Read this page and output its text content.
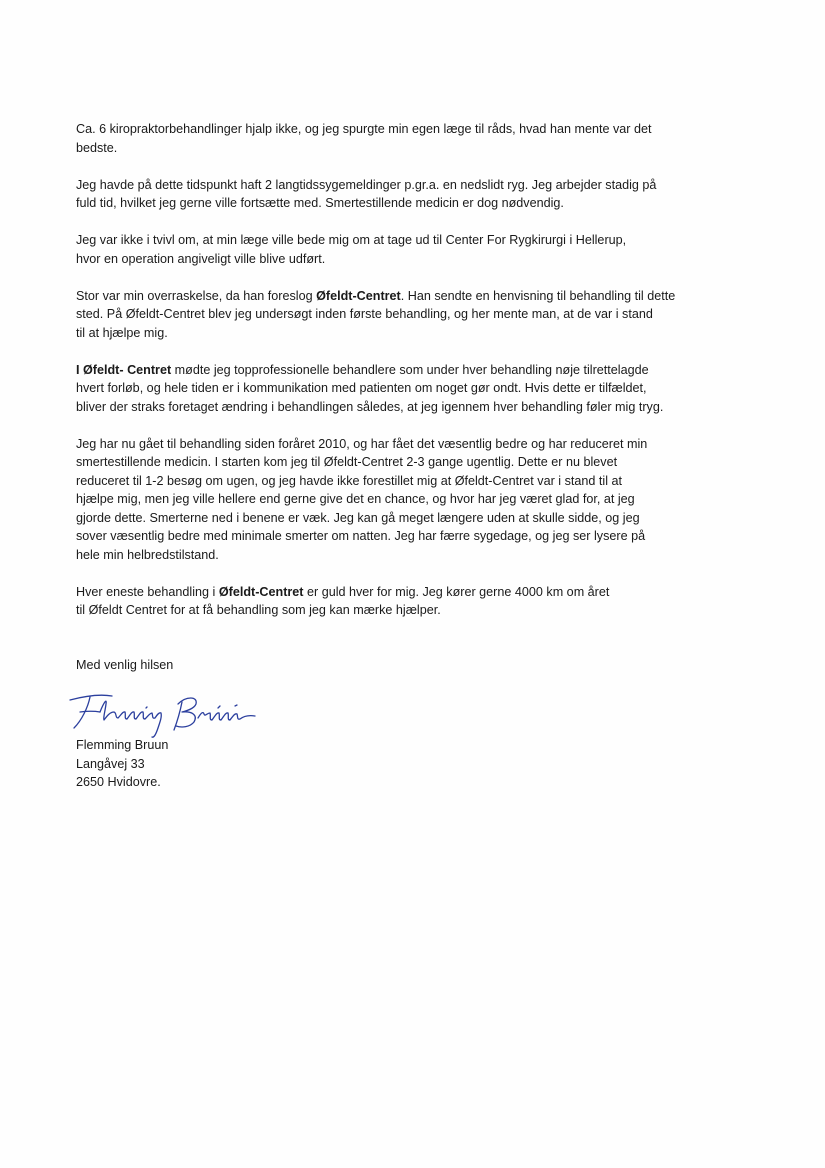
Ca. 6 kiropraktorbehandlinger hjalp ikke, og jeg spurgte min egen læge til råds, hvad han mente var det
bedste.

Jeg havde på dette tidspunkt haft 2 langtidssygemeldinger p.gr.a. en nedslidt ryg. Jeg arbejder stadig på
fuld tid, hvilket jeg gerne ville fortsætte med. Smertestillende medicin er dog nødvendig.

Jeg var ikke i tvivl om, at min læge ville bede mig om at tage ud til Center For Rygkirurgi i Hellerup,
hvor en operation angiveligt ville blive udført.

Stor var min overraskelse, da han foreslog Øfeldt-Centret. Han sendte en henvisning til behandling til dette
sted. På Øfeldt-Centret blev jeg undersøgt inden første behandling, og her mente man, at de var i stand
til at hjælpe mig.

I Øfeldt- Centret mødte jeg topprofessionelle behandlere som under hver behandling nøje tilrettelagde
hvert forløb, og hele tiden er i kommunikation med patienten om noget gør ondt. Hvis dette er tilfældet,
bliver der straks foretaget ændring i behandlingen således, at jeg igennem hver behandling føler mig tryg.

Jeg har nu gået til behandling siden foråret 2010, og har fået det væsentlig bedre og har reduceret min
smertestillende medicin. I starten kom jeg til Øfeldt-Centret 2-3 gange ugentlig. Dette er nu blevet
reduceret til 1-2 besøg om ugen, og jeg havde ikke forestillet mig at Øfeldt-Centret var i stand til at
hjælpe mig, men jeg ville hellere end gerne give det en chance, og hvor har jeg været glad for, at jeg
gjorde dette. Smerterne ned i benene er væk. Jeg kan gå meget længere uden at skulle sidde, og jeg
sover væsentlig bedre med minimale smerter om natten. Jeg har færre sygedage, og jeg ser lysere på
hele min helbredstilstand.

Hver eneste behandling i Øfeldt-Centret er guld hver for mig. Jeg kører gerne 4000 km om året
til Øfeldt Centret for at få behandling som jeg kan mærke hjælper.

Med venlig hilsen
Flemming Bruun
Langåvej 33
2650 Hvidovre.
